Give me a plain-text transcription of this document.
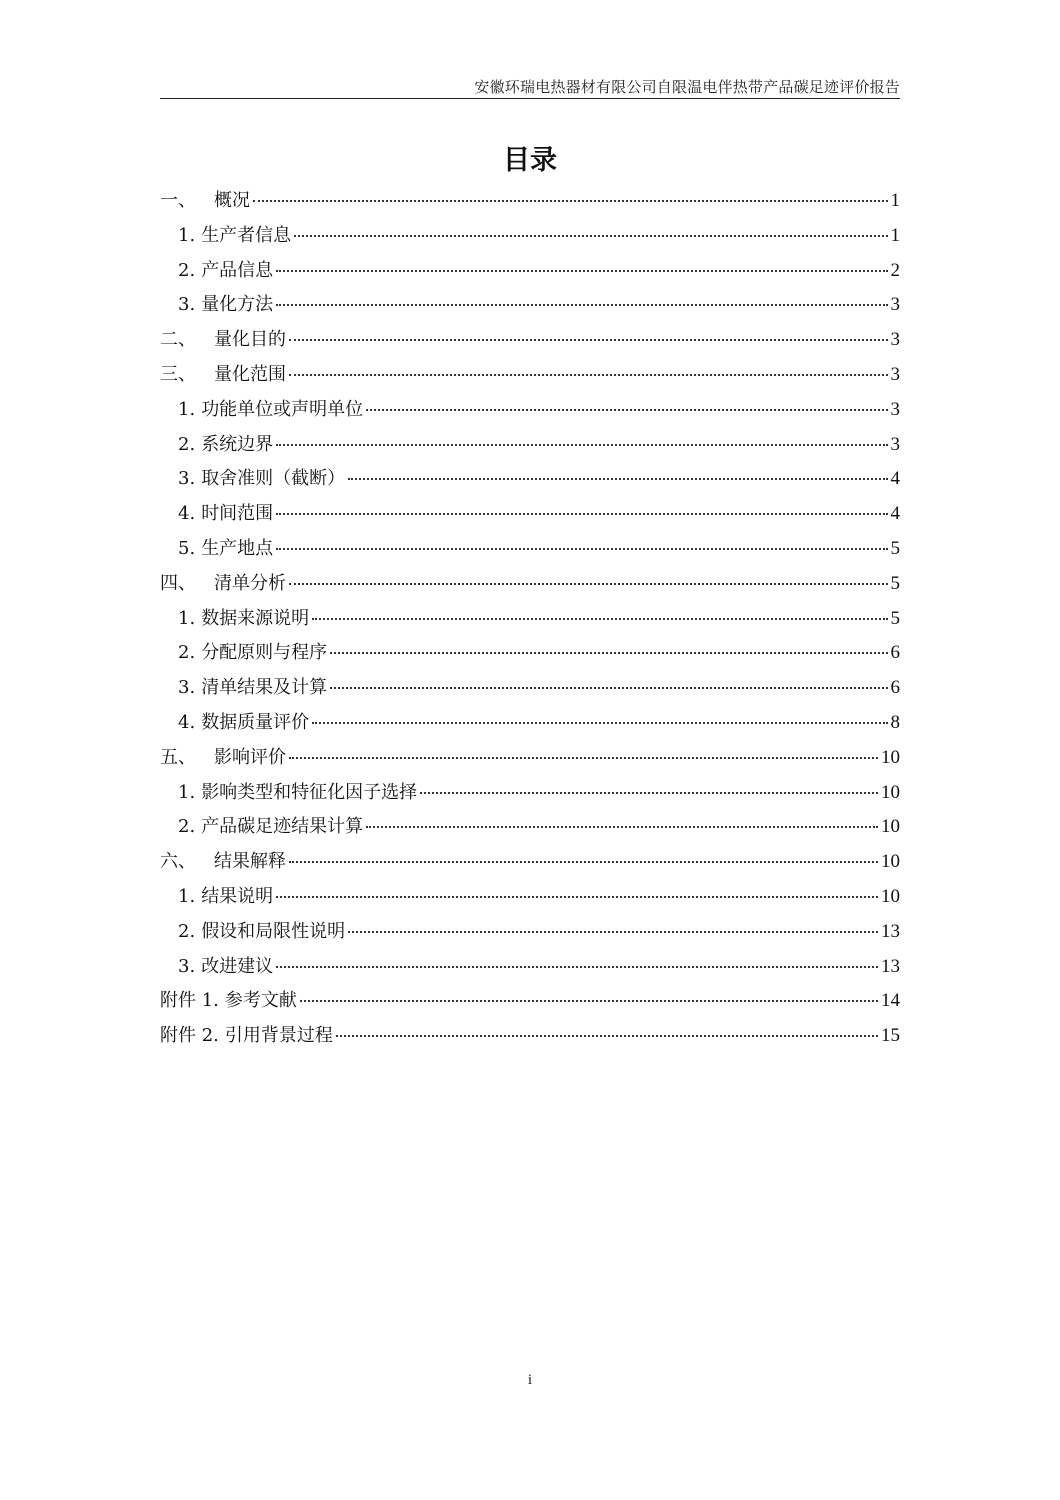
安徽环瑞电热器材有限公司自限温电伴热带产品碳足迹评价报告
目录
一、 概况	1
1. 生产者信息	1
2. 产品信息	2
3. 量化方法	3
二、 量化目的	3
三、 量化范围	3
1. 功能单位或声明单位	3
2. 系统边界	3
3. 取舍准则（截断）	4
4. 时间范围	4
5. 生产地点	5
四、 清单分析	5
1. 数据来源说明	5
2. 分配原则与程序	6
3. 清单结果及计算	6
4. 数据质量评价	8
五、 影响评价	10
1. 影响类型和特征化因子选择	10
2. 产品碳足迹结果计算	10
六、 结果解释	10
1. 结果说明	10
2. 假设和局限性说明	13
3. 改进建议	13
附件 1. 参考文献	14
附件 2. 引用背景过程	15
i
